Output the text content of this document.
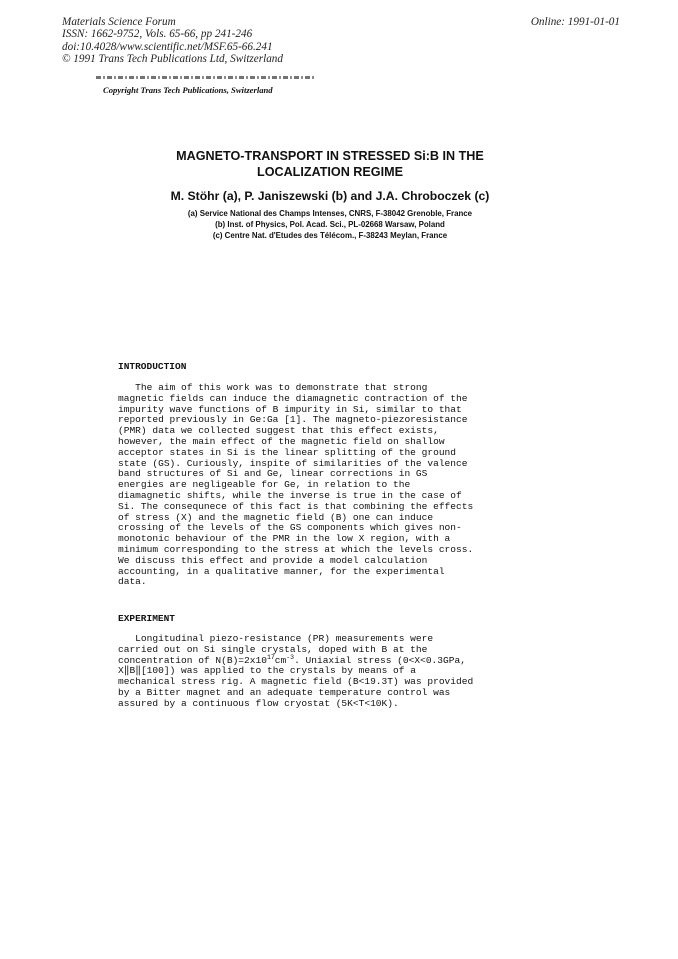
Materials Science Forum
ISSN: 1662-9752, Vols. 65-66, pp 241-246
doi:10.4028/www.scientific.net/MSF.65-66.241
© 1991 Trans Tech Publications Ltd, Switzerland
Online: 1991-01-01
Copyright Trans Tech Publications, Switzerland
MAGNETO-TRANSPORT IN STRESSED Si:B IN THE
LOCALIZATION REGIME
M. Stöhr (a), P. Janiszewski (b) and J.A. Chroboczek (c)
(a) Service National des Champs Intenses, CNRS, F-38042 Grenoble, France
(b) Inst. of Physics, Pol. Acad. Sci., PL-02668 Warsaw, Poland
(c) Centre Nat. d'Etudes des Télécom., F-38243 Meylan, France
INTRODUCTION
The aim of this work was to demonstrate that strong
magnetic fields can induce the diamagnetic contraction of the
impurity wave functions of B impurity in Si, similar to that
reported previously in Ge:Ga [1]. The magneto-piezoresistance
(PMR) data we collected suggest that this effect exists,
however, the main effect of the magnetic field on shallow
acceptor states in Si is the linear splitting of the ground
state (GS). Curiously, inspite of similarities of the valence
band structures of Si and Ge, linear corrections in GS
energies are negligeable for Ge, in relation to the
diamagnetic shifts, while the inverse is true in the case of
Si. The consequnece of this fact is that combining the effects
of stress (X) and the magnetic field (B) one can induce
crossing of the levels of the GS components which gives non-
monotonic behaviour of the PMR in the low X region, with a
minimum corresponding to the stress at which the levels cross.
We discuss this effect and provide a model calculation
accounting, in a qualitative manner, for the experimental
data.
EXPERIMENT
Longitudinal piezo-resistance (PR) measurements were
carried out on Si single crystals, doped with B at the
concentration of $N(B)=2x10^{17}cm^{-3}$. Uniaxial stress (0<X<0.3GPa,
X‖B‖[100]) was applied to the crystals by means of a
mechanical stress rig. A magnetic field (B<19.3T) was provided
by a Bitter magnet and an adequate temperature control was
assured by a continuous flow cryostat (5K<T<10K).
